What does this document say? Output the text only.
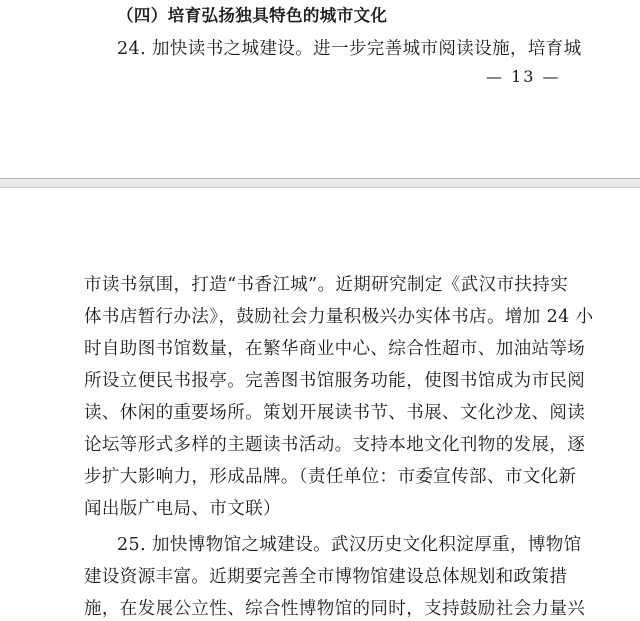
（四）培育弘扬独具特色的城市文化
24. 加快读书之城建设。进一步完善城市阅读设施，培育城
— 13 —
市读书氛围，打造“书香江城”。近期研究制定《武汉市扶持实
体书店暂行办法》，鼓励社会力量积极兴办实体书店。增加 24 小
时自助图书馆数量，在繁华商业中心、综合性超市、加油站等场
所设立便民书报亭。完善图书馆服务功能，使图书馆成为市民阅
读、休闲的重要场所。策划开展读书节、书展、文化沙龙、阅读
论坛等形式多样的主题读书活动。支持本地文化刊物的发展，逐
步扩大影响力，形成品牌。（责任单位：市委宣传部、市文化新
闻出版广电局、市文联）
25. 加快博物馆之城建设。武汉历史文化积淀厚重，博物馆
建设资源丰富。近期要完善全市博物馆建设总体规划和政策措
施，在发展公立性、综合性博物馆的同时，支持鼓励社会力量兴
